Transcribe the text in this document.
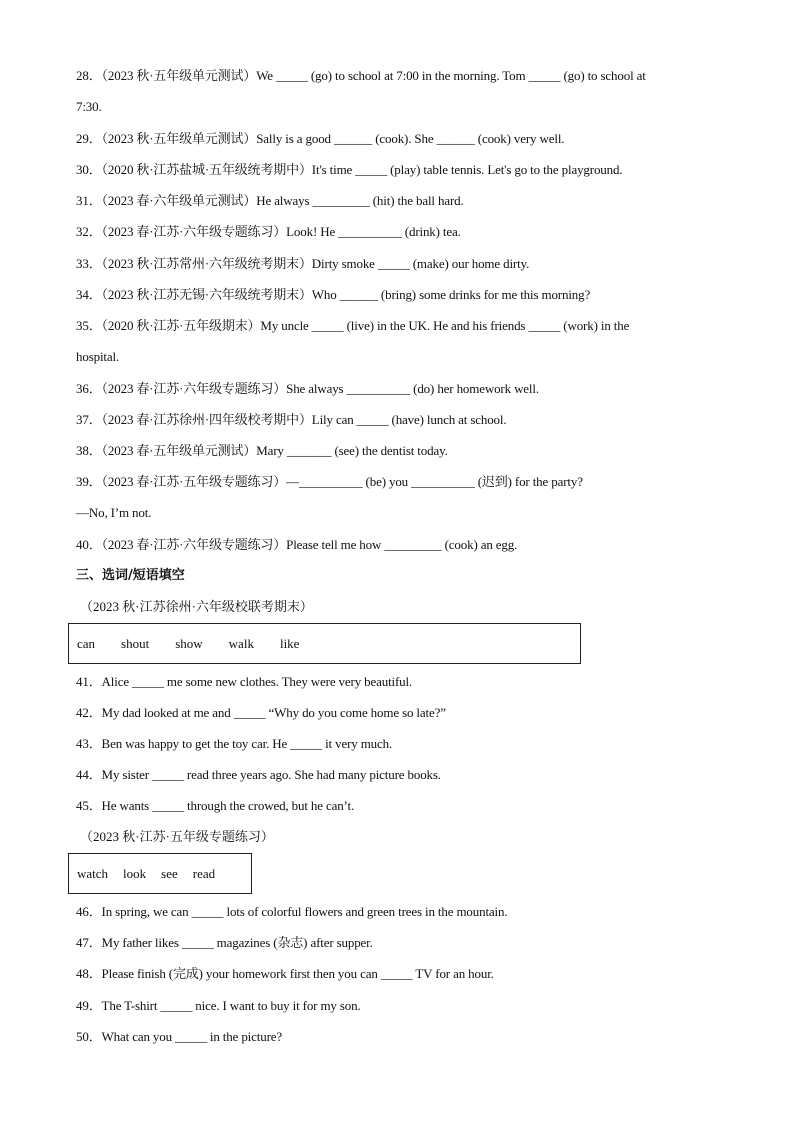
28．（2023 秋·五年级单元测试）We _____ (go) to school at 7:00 in the morning. Tom _____ (go) to school at
7:30.
29．（2023 秋·五年级单元测试）Sally is a good ______ (cook). She ______ (cook) very well.
30．（2020 秋·江苏盐城·五年级统考期中）It's time _____ (play) table tennis. Let's go to the playground.
31．（2023 春·六年级单元测试）He always _________ (hit) the ball hard.
32．（2023 春·江苏·六年级专题练习）Look! He __________ (drink) tea.
33．（2023 秋·江苏常州·六年级统考期末）Dirty smoke _____ (make) our home dirty.
34．（2023 秋·江苏无锡·六年级统考期末）Who ______ (bring) some drinks for me this morning?
35．（2020 秋·江苏·五年级期末）My uncle _____ (live) in the UK. He and his friends _____ (work) in the
hospital.
36．（2023 春·江苏·六年级专题练习）She always __________ (do) her homework well.
37．（2023 春·江苏徐州·四年级校考期中）Lily can _____ (have) lunch at school.
38．（2023 春·五年级单元测试）Mary _______ (see) the dentist today.
39．（2023 春·江苏·五年级专题练习）—__________ (be) you __________ (迟到) for the party?
—No, I’m not.
40．（2023 春·江苏·六年级专题练习）Please tell me how _________ (cook) an egg.
三、选词/短语填空
（2023 秋·江苏徐州·六年级校联考期末）
can shout show walk like
41．Alice _____ me some new clothes. They were very beautiful.
42．My dad looked at me and _____ “Why do you come home so late?”
43．Ben was happy to get the toy car. He _____ it very much.
44．My sister _____ read three years ago. She had many picture books.
45．He wants _____ through the crowed, but he can’t.
（2023 秋·江苏·五年级专题练习）
watch look see read
46．In spring, we can _____ lots of colorful flowers and green trees in the mountain.
47．My father likes _____ magazines (杂志) after supper.
48．Please finish (完成) your homework first then you can _____ TV for an hour.
49．The T-shirt _____ nice. I want to buy it for my son.
50．What can you _____ in the picture?
